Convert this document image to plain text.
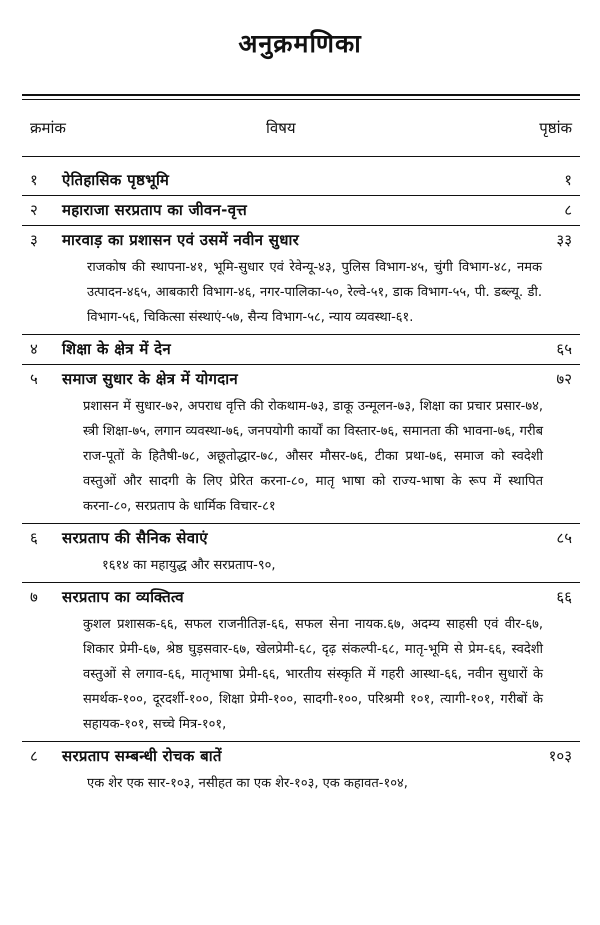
अनुक्रमणिका
क्रमांक	विषय	पृष्ठांक
१ ऐतिहासिक पृष्ठभूमि	१
२ महाराजा सरप्रताप का जीवन-वृत्त	८
३ मारवाड़ का प्रशासन एवं उसमें नवीन सुधार	३३
राजकोष की स्थापना-४१, भूमि-सुधार एवं रेवेन्यू-४३, पुलिस विभाग-४५, चुंगी विभाग-४८, नमक उत्पादन-४६५, आबकारी विभाग-४६, नगर-पालिका-५०, रेल्वे-५१, डाक विभाग-५५, पी. डब्ल्यू. डी. विभाग-५६, चिकित्सा संस्थाएं-५७, सैन्य विभाग-५८, न्याय व्यवस्था-६१.
४ शिक्षा के क्षेत्र में देन	६५
५ समाज सुधार के क्षेत्र में योगदान	७२
प्रशासन में सुधार-७२, अपराध वृत्ति की रोकथाम-७३, डाकू उन्मूलन-७३, शिक्षा का प्रचार प्रसार-७४, स्त्री शिक्षा-७५, लगान व्यवस्था-७६, जनपयोगी कार्यों का विस्तार-७६, समानता की भावना-७६, गरीब राज-पूतों के हितैषी-७८, अछूतोद्धार-७८, औसर मौसर-७६, टीका प्रथा-७६, समाज को स्वदेशी वस्तुओं और सादगी के लिए प्रेरित करना-८०, मातृ भाषा को राज्य-भाषा के रूप में स्थापित करना-८०, सरप्रताप के धार्मिक विचार-८१
६ सरप्रताप की सैनिक सेवाएं	८५
१६१४ का महायुद्ध और सरप्रताप-९०,
७ सरप्रताप का व्यक्तित्व	६६
कुशल प्रशासक-६६, सफल राजनीतिज्ञ-६६, सफल सेना नायक.६७, अदम्य साहसी एवं वीर-६७, शिकार प्रेमी-६७, श्रेष्ठ घुड़सवार-६७, खेलप्रेमी-६८, दृढ़ संकल्पी-६८, मातृ-भूमि से प्रेम-६६, स्वदेशी वस्तुओं से लगाव-६६, मातृभाषा प्रेमी-६६, भारतीय संस्कृति में गहरी आस्था-६६, नवीन सुधारों के समर्थक-१००, दूरदर्शी-१००, शिक्षा प्रेमी-१००, सादगी-१००, परिश्रमी १०१, त्यागी-१०१, गरीबों के सहायक-१०१, सच्चे मित्र-१०१,
८ सरप्रताप सम्बन्धी रोचक बातें	१०३
एक शेर एक सार-१०३, नसीहत का एक शेर-१०३, एक कहावत-१०४,
